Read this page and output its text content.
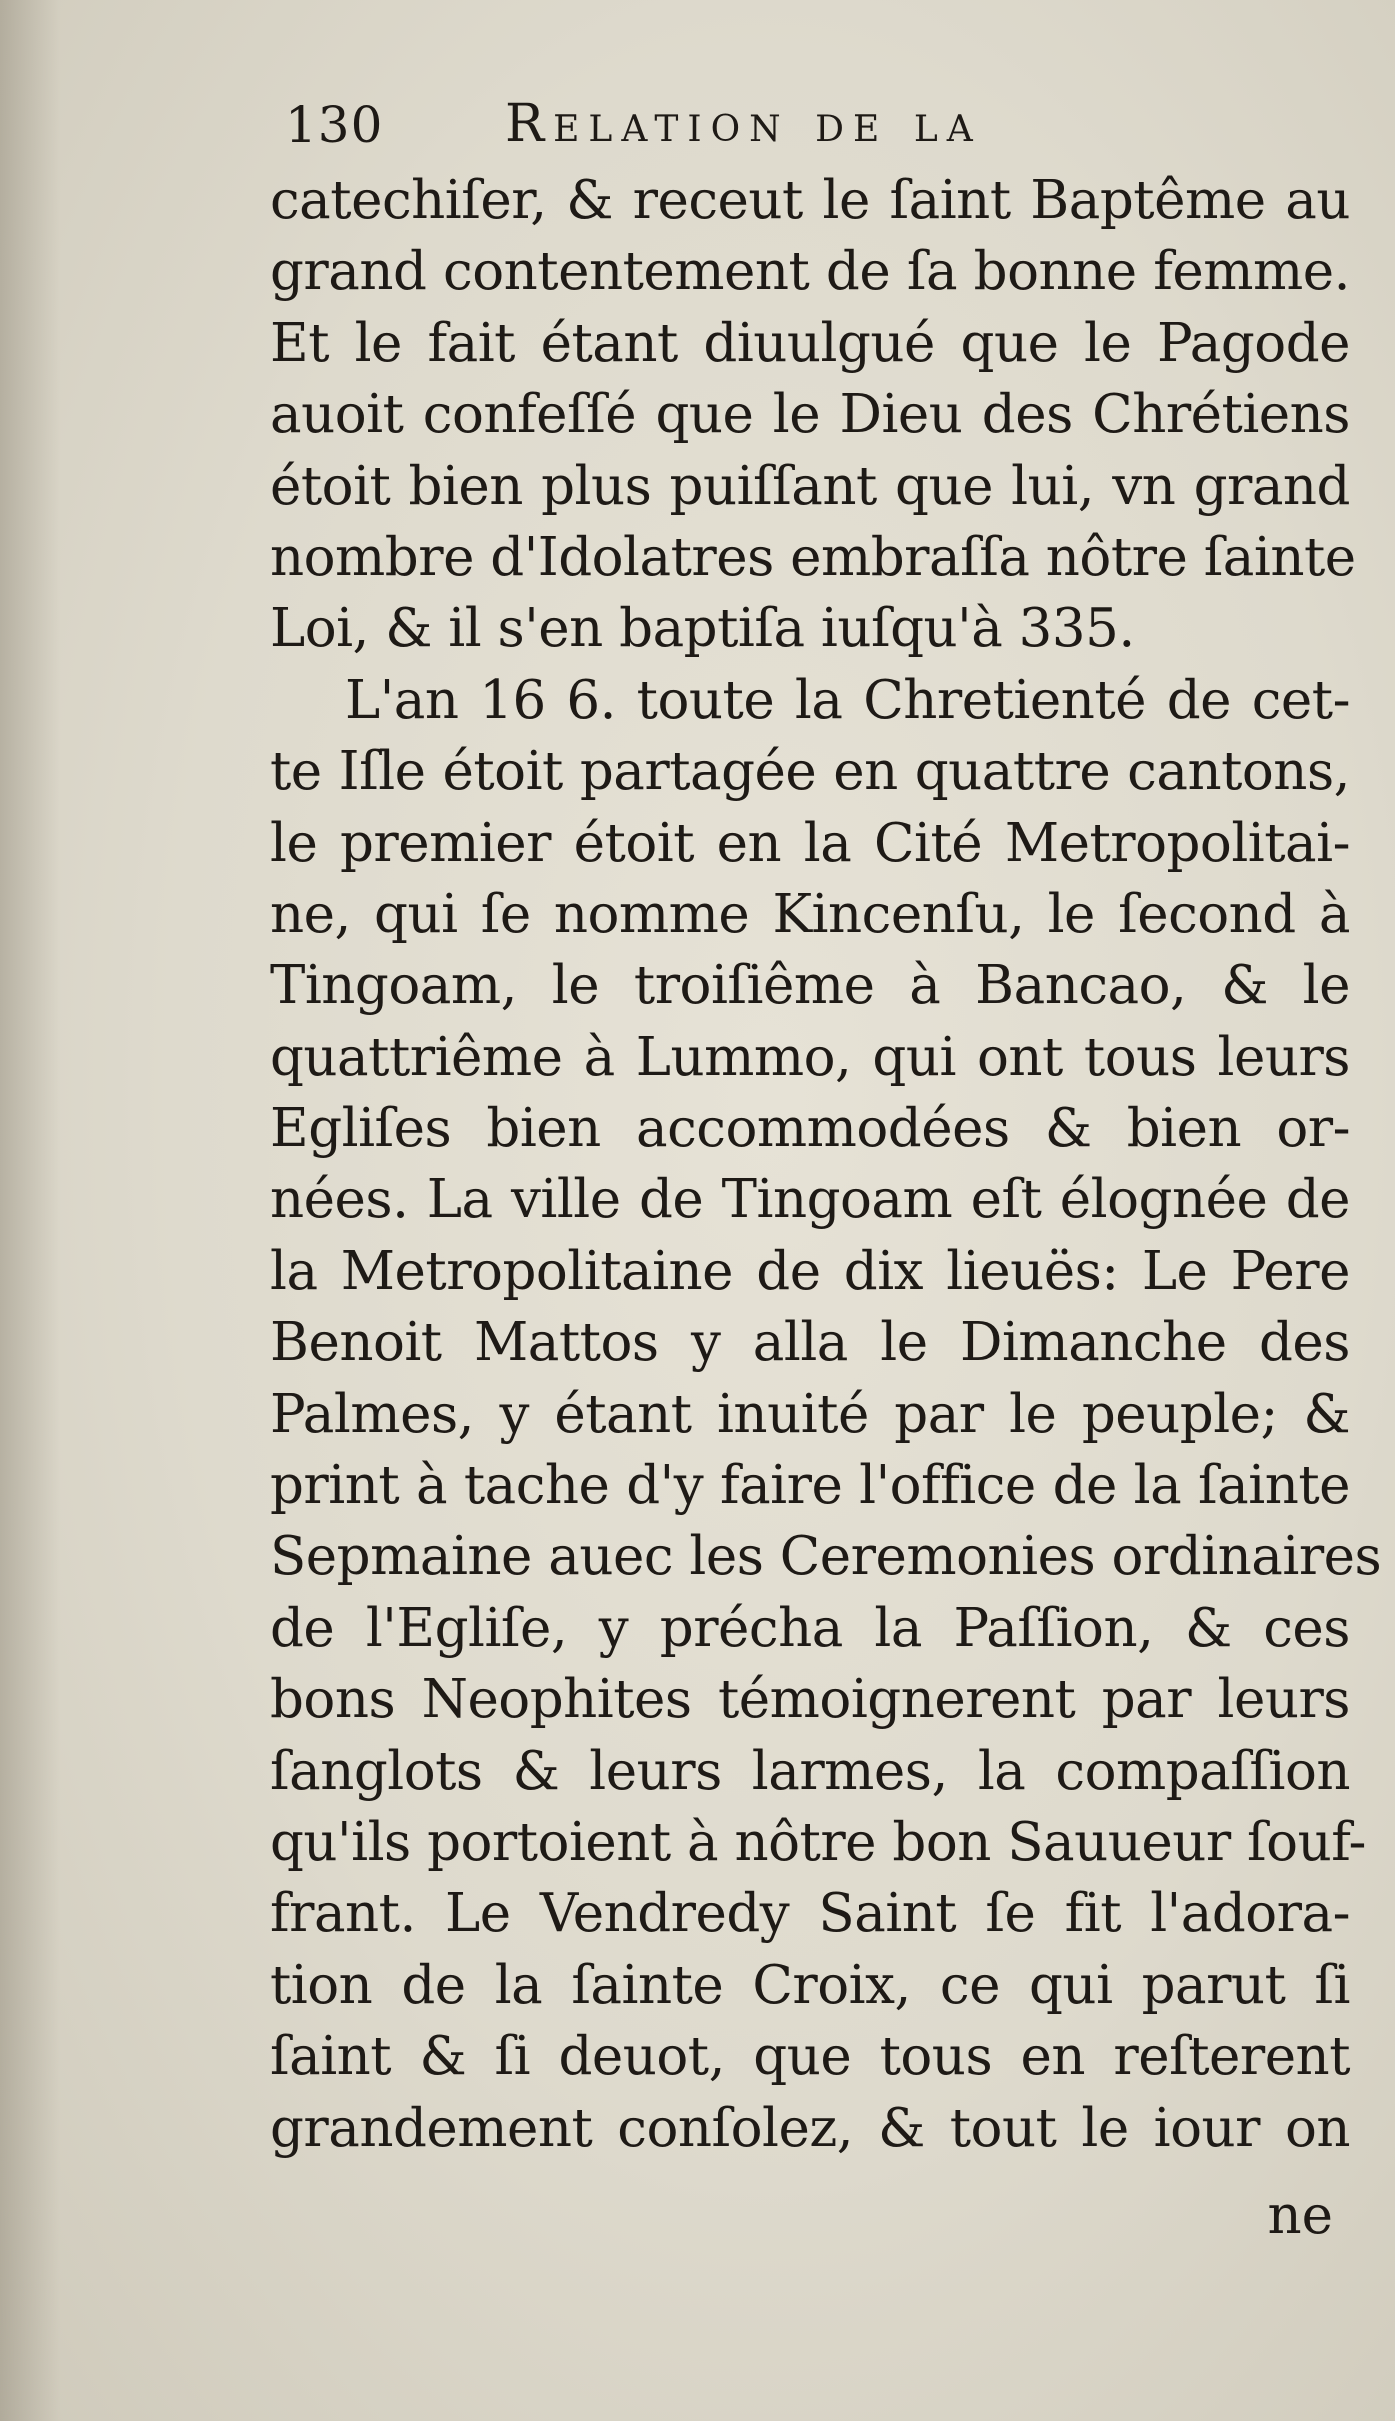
130 Relation de la
catechiſer, & receut le ſaint Baptême au
grand contentement de ſa bonne femme.
Et le fait étant diuulgué que le Pagode
auoit confeſſé que le Dieu des Chrétiens
étoit bien plus puiſſant que lui, vn grand
nombre d'Idolatres embraſſa nôtre ſainte
Loi, & il s'en baptiſa iuſqu'à 335.
L'an 16 6. toute la Chretienté de cet-
te Iſle étoit partagée en quattre cantons,
le premier étoit en la Cité Metropolitai-
ne, qui ſe nomme Kincenſu, le ſecond à
Tingoam, le troiſiême à Bancao, & le
quattriême à Lummo, qui ont tous leurs
Egliſes bien accommodées & bien or-
nées. La ville de Tingoam eſt élognée de
la Metropolitaine de dix lieuës: Le Pere
Benoit Mattos y alla le Dimanche des
Palmes, y étant inuité par le peuple; &
print à tache d'y faire l'office de la ſainte
Sepmaine auec les Ceremonies ordinaires
de l'Egliſe, y précha la Paſſion, & ces
bons Neophites témoignerent par leurs
ſanglots & leurs larmes, la compaſſion
qu'ils portoient à nôtre bon Sauueur ſouf-
frant. Le Vendredy Saint ſe fit l'adora-
tion de la ſainte Croix, ce qui parut ſi
ſaint & ſi deuot, que tous en reſterent
grandement conſolez, & tout le iour on
ne
